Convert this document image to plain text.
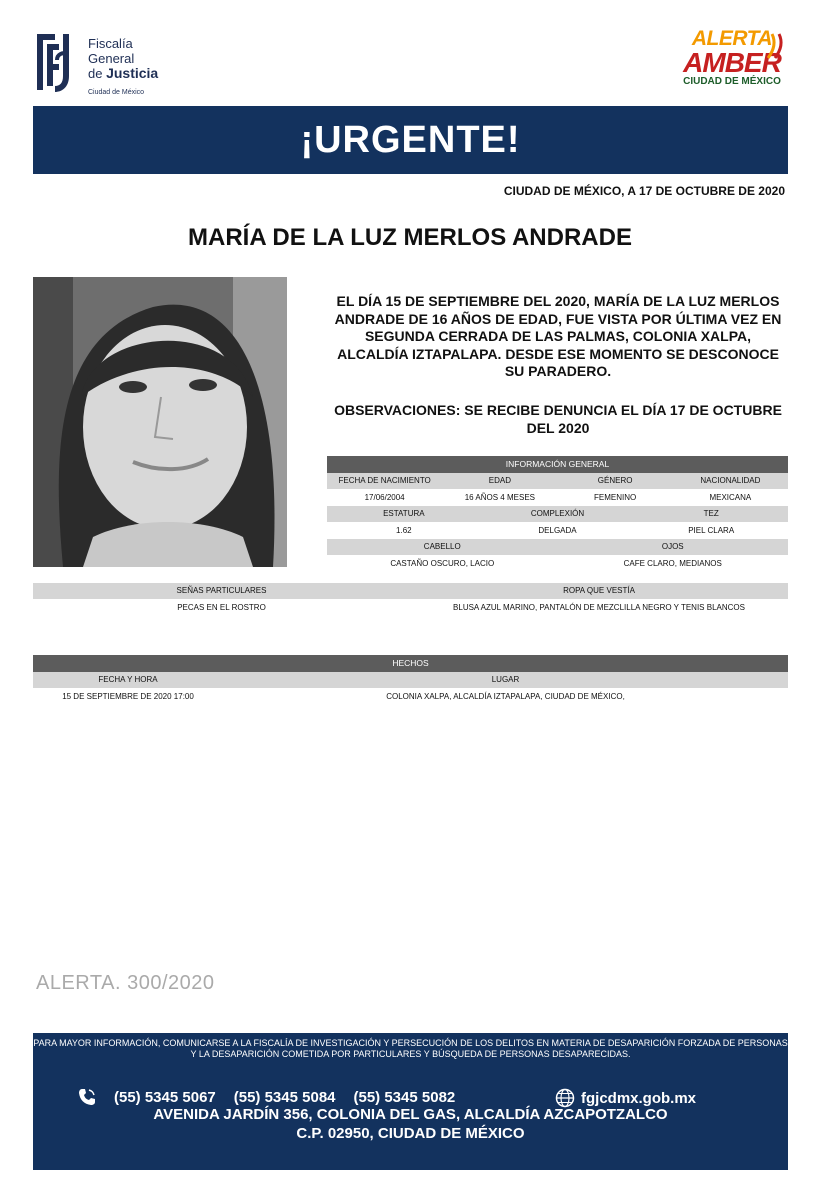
Fiscalía
General
de Justicia
Ciudad de México
ALERTA
AMBER
CIUDAD DE MÉXICO
¡URGENTE!
CIUDAD DE MÉXICO, A 17 DE OCTUBRE DE 2020
MARÍA DE LA LUZ MERLOS ANDRADE
EL DÍA 15 DE SEPTIEMBRE DEL 2020, MARÍA DE LA LUZ MERLOS ANDRADE DE 16 AÑOS DE EDAD, FUE VISTA POR ÚLTIMA VEZ EN SEGUNDA CERRADA DE LAS PALMAS, COLONIA XALPA, ALCALDÍA IZTAPALAPA. DESDE ESE MOMENTO SE DESCONOCE SU PARADERO.
OBSERVACIONES: SE RECIBE DENUNCIA EL DÍA 17 DE OCTUBRE DEL 2020
INFORMACIÓN GENERAL
FECHA DE NACIMIENTO	EDAD	GÉNERO	NACIONALIDAD
17/06/2004	16 AÑOS 4 MESES	FEMENINO	MEXICANA
ESTATURA	COMPLEXIÓN	TEZ
1.62	DELGADA	PIEL CLARA
CABELLO	OJOS
CASTAÑO OSCURO, LACIO	CAFE CLARO, MEDIANOS
SEÑAS PARTICULARES	ROPA QUE VESTÍA
PECAS EN EL ROSTRO	BLUSA AZUL MARINO, PANTALÓN DE MEZCLILLA NEGRO Y TENIS BLANCOS
HECHOS
FECHA Y HORA	LUGAR
15 DE SEPTIEMBRE DE 2020 17:00	COLONIA XALPA, ALCALDÍA IZTAPALAPA, CIUDAD DE MÉXICO,
ALERTA. 300/2020
PARA MAYOR INFORMACIÓN, COMUNICARSE A LA FISCALÍA DE INVESTIGACIÓN Y PERSECUCIÓN DE LOS DELITOS EN MATERIA DE DESAPARICIÓN FORZADA DE PERSONAS Y LA DESAPARICIÓN COMETIDA POR PARTICULARES Y BÚSQUEDA DE PERSONAS DESAPARECIDAS.
(55) 5345 5067 (55) 5345 5084 (55) 5345 5082	fgjcdmx.gob.mx
AVENIDA JARDÍN 356, COLONIA DEL GAS, ALCALDÍA AZCAPOTZALCO
C.P. 02950, CIUDAD DE MÉXICO
